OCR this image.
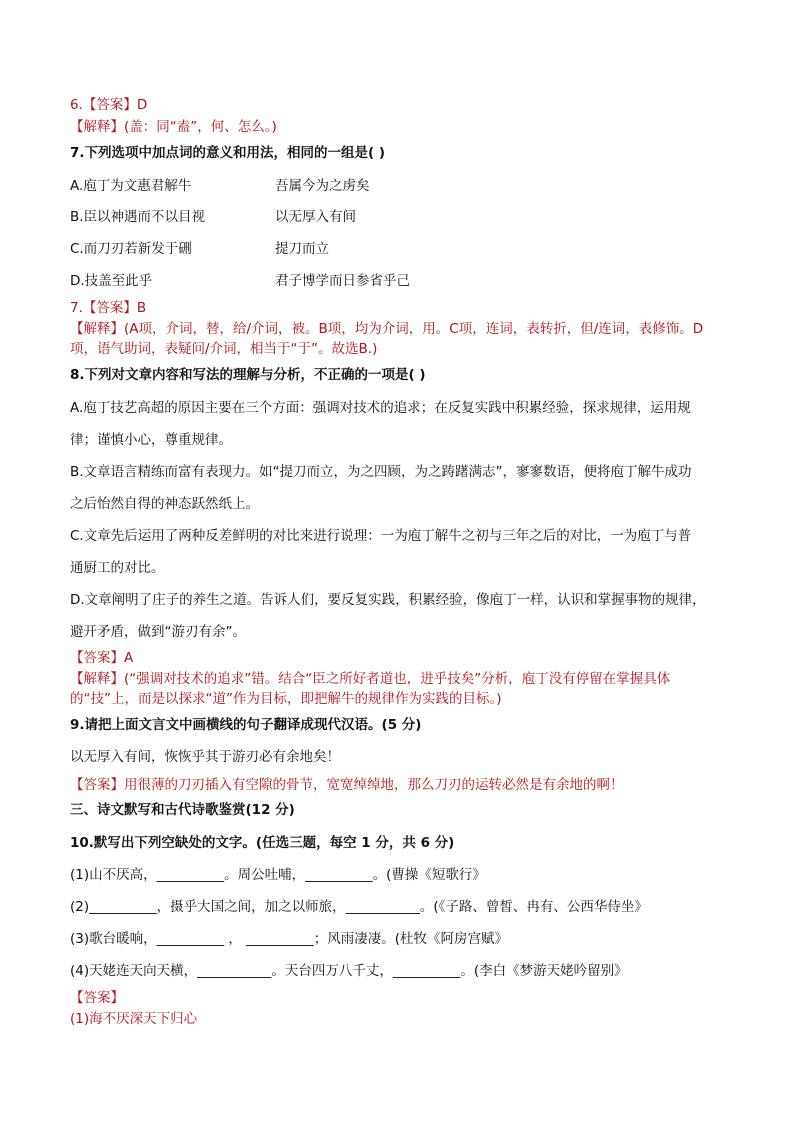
6.【答案】D
【解释】(盖：同“盍”，何、怎么。)
7.下列选项中加点词的意义和用法，相同的一组是( )
A.庖丁为文惠君解牛	吾属今为之虏矣
B.臣以神遇而不以目视	以无厚入有间
C.而刀刃若新发于硎	提刀而立
D.技盖至此乎	君子博学而日参省乎己
7.【答案】B
【解释】(A项，介词，替，给/介词，被。B项，均为介词，用。C项，连词，表转折，但/连词，表修饰。D
项，语气助词，表疑问/介词，相当于“于”。故选B.)
8.下列对文章内容和写法的理解与分析，不正确的一项是( )
A.庖丁技艺高超的原因主要在三个方面：强调对技术的追求；在反复实践中积累经验，探求规律，运用规
律；谨慎小心，尊重规律。
B.文章语言精练而富有表现力。如“提刀而立，为之四顾，为之踌躇满志”，寥寥数语，便将庖丁解牛成功
之后怡然自得的神态跃然纸上。
C.文章先后运用了两种反差鲜明的对比来进行说理：一为庖丁解牛之初与三年之后的对比，一为庖丁与普
通厨工的对比。
D.文章阐明了庄子的养生之道。告诉人们，要反复实践，积累经验，像庖丁一样，认识和掌握事物的规律，
避开矛盾，做到“游刃有余”。
【答案】A
【解释】(“强调对技术的追求”错。结合“臣之所好者道也，进乎技矣”分析，庖丁没有停留在掌握具体
的“技”上，而是以探求“道”作为目标，即把解牛的规律作为实践的目标。)
9.请把上面文言文中画横线的句子翻译成现代汉语。(5 分)
以无厚入有间，恢恢乎其于游刃必有余地矣！
【答案】用很薄的刀刃插入有空隙的骨节，宽宽绰绰地，那么刀刃的运转必然是有余地的啊！
三、诗文默写和古代诗歌鉴赏(12 分)
10.默写出下列空缺处的文字。(任选三题，每空 1 分，共 6 分)
(1)山不厌高，__________。周公吐哺，__________。(曹操《短歌行》
(2)__________，摄乎大国之间，加之以师旅，___________。(《子路、曾皙、冉有、公西华侍坐》
(3)歌台暖响，__________ ， __________；风雨凄凄。(杜牧《阿房宫赋》
(4)天姥连天向天横，___________。天台四万八千丈，__________。(李白《梦游天姥吟留别》
【答案】
(1)海不厌深天下归心
